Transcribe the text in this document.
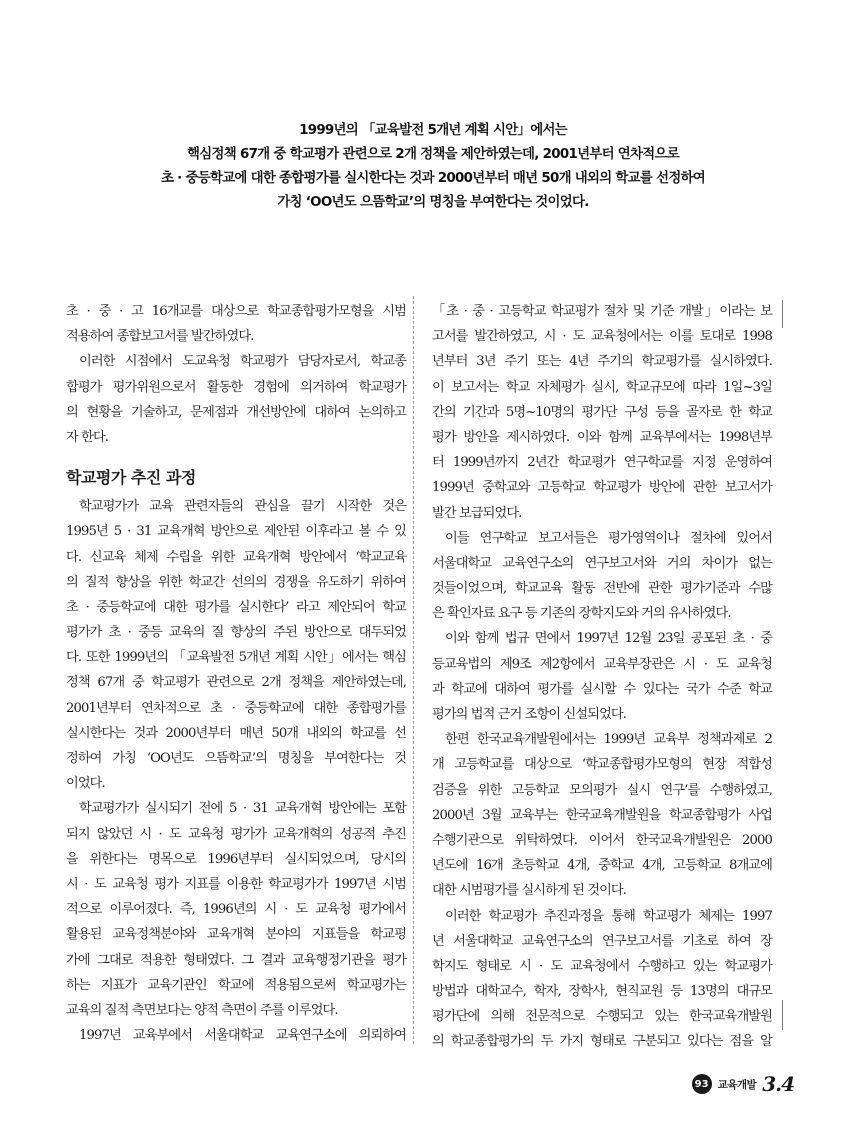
1999년의 「교육발전 5개년 계획 시안」에서는
핵심정책 67개 중 학교평가 관련으로 2개 정책을 제안하였는데, 2001년부터 연차적으로
초 · 중등학교에 대한 종합평가를 실시한다는 것과 2000년부터 매년 50개 내외의 학교를 선정하여
가칭 ‘OO년도 으뜸학교’의 명칭을 부여한다는 것이었다.
초 · 중 · 고 16개교를 대상으로 학교종합평가모형을 시범
적용하여 종합보고서를 발간하였다.
이러한 시점에서 도교육청 학교평가 담당자로서, 학교종
합평가 평가위원으로서 활동한 경험에 의거하여 학교평가
의 현황을 기술하고, 문제점과 개선방안에 대하여 논의하고
자 한다.
학교평가 추진 과정
학교평가가 교육 관련자들의 관심을 끌기 시작한 것은
1995년 5 · 31 교육개혁 방안으로 제안된 이후라고 볼 수 있
다. 신교육 체제 수립을 위한 교육개혁 방안에서 ‘학교교육
의 질적 향상을 위한 학교간 선의의 경쟁을 유도하기 위하여
초 · 중등학교에 대한 평가를 실시한다’ 라고 제안되어 학교
평가가 초 · 중등 교육의 질 향상의 주된 방안으로 대두되었
다. 또한 1999년의 「교육발전 5개년 계획 시안」에서는 핵심
정책 67개 중 학교평가 관련으로 2개 정책을 제안하였는데,
2001년부터 연차적으로 초 · 중등학교에 대한 종합평가를
실시한다는 것과 2000년부터 매년 50개 내외의 학교를 선
정하여 가칭 ‘OO년도 으뜸학교’의 명칭을 부여한다는 것
이었다.
학교평가가 실시되기 전에 5 · 31 교육개혁 방안에는 포함
되지 않았던 시 · 도 교육청 평가가 교육개혁의 성공적 추진
을 위한다는 명목으로 1996년부터 실시되었으며, 당시의
시 · 도 교육청 평가 지표를 이용한 학교평가가 1997년 시범
적으로 이루어졌다. 즉, 1996년의 시 · 도 교육청 평가에서
활용된 교육정책분야와 교육개혁 분야의 지표들을 학교평
가에 그대로 적용한 형태였다. 그 결과 교육행정기관을 평가
하는 지표가 교육기관인 학교에 적용됨으로써 학교평가는
교육의 질적 측면보다는 양적 측면이 주를 이루었다.
1997년 교육부에서 서울대학교 교육연구소에 의뢰하여
「초 · 중 · 고등학교 학교평가 절차 및 기준 개발」이라는 보
고서를 발간하였고, 시 · 도 교육청에서는 이를 토대로 1998
년부터 3년 주기 또는 4년 주기의 학교평가를 실시하였다.
이 보고서는 학교 자체평가 실시, 학교규모에 따라 1일~3일
간의 기간과 5명~10명의 평가단 구성 등을 골자로 한 학교
평가 방안을 제시하였다. 이와 함께 교육부에서는 1998년부
터 1999년까지 2년간 학교평가 연구학교를 지정 운영하여
1999년 중학교와 고등학교 학교평가 방안에 관한 보고서가
발간 보급되었다.
이들 연구학교 보고서들은 평가영역이나 절차에 있어서
서울대학교 교육연구소의 연구보고서와 거의 차이가 없는
것들이었으며, 학교교육 활동 전반에 관한 평가기준과 수많
은 확인자료 요구 등 기존의 장학지도와 거의 유사하였다.
이와 함께 법규 면에서 1997년 12월 23일 공포된 초 · 중
등교육법의 제9조 제2항에서 교육부장관은 시 · 도 교육청
과 학교에 대하여 평가를 실시할 수 있다는 국가 수준 학교
평가의 법적 근거 조항이 신설되었다.
한편 한국교육개발원에서는 1999년 교육부 정책과제로 2
개 고등학교를 대상으로 ‘학교종합평가모형의 현장 적합성
검증을 위한 고등학교 모의평가 실시 연구’를 수행하였고,
2000년 3월 교육부는 한국교육개발원을 학교종합평가 사업
수행기관으로 위탁하였다. 이어서 한국교육개발원은 2000
년도에 16개 초등학교 4개, 중학교 4개, 고등학교 8개교에
대한 시범평가를 실시하게 된 것이다.
이러한 학교평가 추진과정을 통해 학교평가 체제는 1997
년 서울대학교 교육연구소의 연구보고서를 기초로 하여 장
학지도 형태로 시 · 도 교육청에서 수행하고 있는 학교평가
방법과 대학교수, 학자, 장학사, 현직교원 등 13명의 대규모
평가단에 의해 전문적으로 수행되고 있는 한국교육개발원
의 학교종합평가의 두 가지 형태로 구분되고 있다는 점을 알
93 교육개발 3.4
